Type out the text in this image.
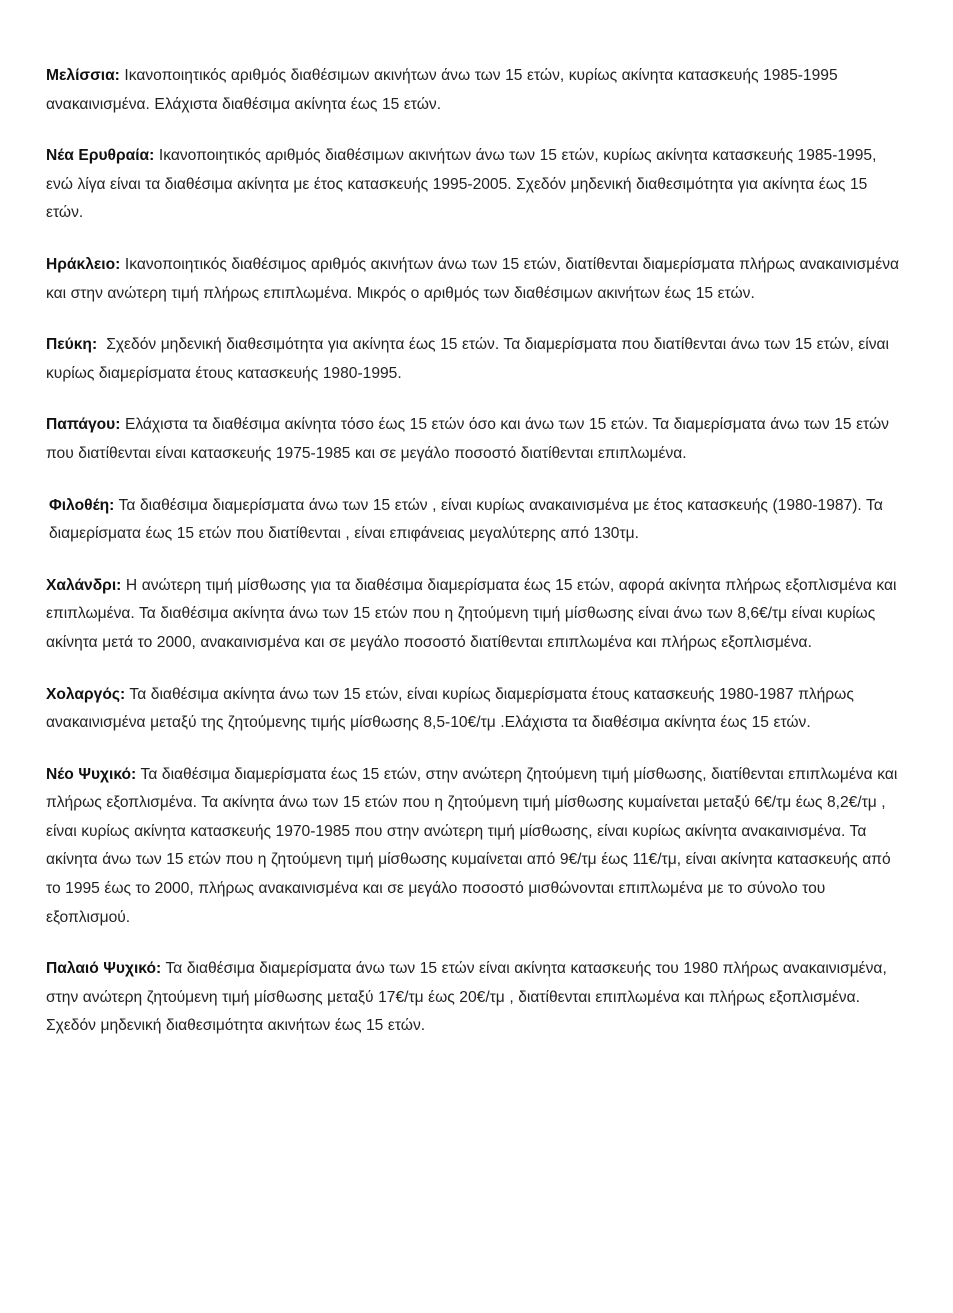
Μελίσσια: Ικανοποιητικός αριθμός διαθέσιμων ακινήτων άνω των 15 ετών, κυρίως ακίνητα κατασκευής 1985-1995 ανακαινισμένα. Ελάχιστα διαθέσιμα ακίνητα έως 15 ετών.

Νέα Ερυθραία: Ικανοποιητικός αριθμός διαθέσιμων ακινήτων άνω των 15 ετών, κυρίως ακίνητα κατασκευής 1985-1995, ενώ λίγα είναι τα διαθέσιμα ακίνητα με έτος κατασκευής 1995-2005. Σχεδόν μηδενική διαθεσιμότητα για ακίνητα έως 15 ετών.

Ηράκλειο: Ικανοποιητικός διαθέσιμος αριθμός ακινήτων άνω των 15 ετών, διατίθενται διαμερίσματα πλήρως ανακαινισμένα και στην ανώτερη τιμή πλήρως επιπλωμένα. Μικρός ο αριθμός των διαθέσιμων ακινήτων έως 15 ετών.

Πεύκη: Σχεδόν μηδενική διαθεσιμότητα για ακίνητα έως 15 ετών. Τα διαμερίσματα που διατίθενται άνω των 15 ετών, είναι κυρίως διαμερίσματα έτους κατασκευής 1980-1995.

Παπάγου: Ελάχιστα τα διαθέσιμα ακίνητα τόσο έως 15 ετών όσο και άνω των 15 ετών. Τα διαμερίσματα άνω των 15 ετών που διατίθενται είναι κατασκευής 1975-1985 και σε μεγάλο ποσοστό διατίθενται επιπλωμένα.

Φιλοθέη: Τα διαθέσιμα διαμερίσματα άνω των 15 ετών , είναι κυρίως ανακαινισμένα με έτος κατασκευής (1980-1987). Τα διαμερίσματα έως 15 ετών που διατίθενται , είναι επιφάνειας μεγαλύτερης από 130τμ.

Χαλάνδρι: Η ανώτερη τιμή μίσθωσης για τα διαθέσιμα διαμερίσματα έως 15 ετών, αφορά ακίνητα πλήρως εξοπλισμένα και επιπλωμένα. Τα διαθέσιμα ακίνητα άνω των 15 ετών που η ζητούμενη τιμή μίσθωσης είναι άνω των 8,6€/τμ είναι κυρίως ακίνητα μετά το 2000, ανακαινισμένα και σε μεγάλο ποσοστό διατίθενται επιπλωμένα και πλήρως εξοπλισμένα.

Χολαργός: Τα διαθέσιμα ακίνητα άνω των 15 ετών, είναι κυρίως διαμερίσματα έτους κατασκευής 1980-1987 πλήρως ανακαινισμένα μεταξύ της ζητούμενης τιμής μίσθωσης 8,5-10€/τμ .Ελάχιστα τα διαθέσιμα ακίνητα έως 15 ετών.

Νέο Ψυχικό: Τα διαθέσιμα διαμερίσματα έως 15 ετών, στην ανώτερη ζητούμενη τιμή μίσθωσης, διατίθενται επιπλωμένα και πλήρως εξοπλισμένα. Τα ακίνητα άνω των 15 ετών που η ζητούμενη τιμή μίσθωσης κυμαίνεται μεταξύ 6€/τμ έως 8,2€/τμ , είναι κυρίως ακίνητα κατασκευής 1970-1985 που στην ανώτερη τιμή μίσθωσης, είναι κυρίως ακίνητα ανακαινισμένα. Τα ακίνητα άνω των 15 ετών που η ζητούμενη τιμή μίσθωσης κυμαίνεται από 9€/τμ έως 11€/τμ, είναι ακίνητα κατασκευής από το 1995 έως το 2000, πλήρως ανακαινισμένα και σε μεγάλο ποσοστό μισθώνονται επιπλωμένα με το σύνολο του εξοπλισμού.

Παλαιό Ψυχικό: Τα διαθέσιμα διαμερίσματα άνω των 15 ετών είναι ακίνητα κατασκευής του 1980 πλήρως ανακαινισμένα, στην ανώτερη ζητούμενη τιμή μίσθωσης μεταξύ 17€/τμ έως 20€/τμ , διατίθενται επιπλωμένα και πλήρως εξοπλισμένα. Σχεδόν μηδενική διαθεσιμότητα ακινήτων έως 15 ετών.
